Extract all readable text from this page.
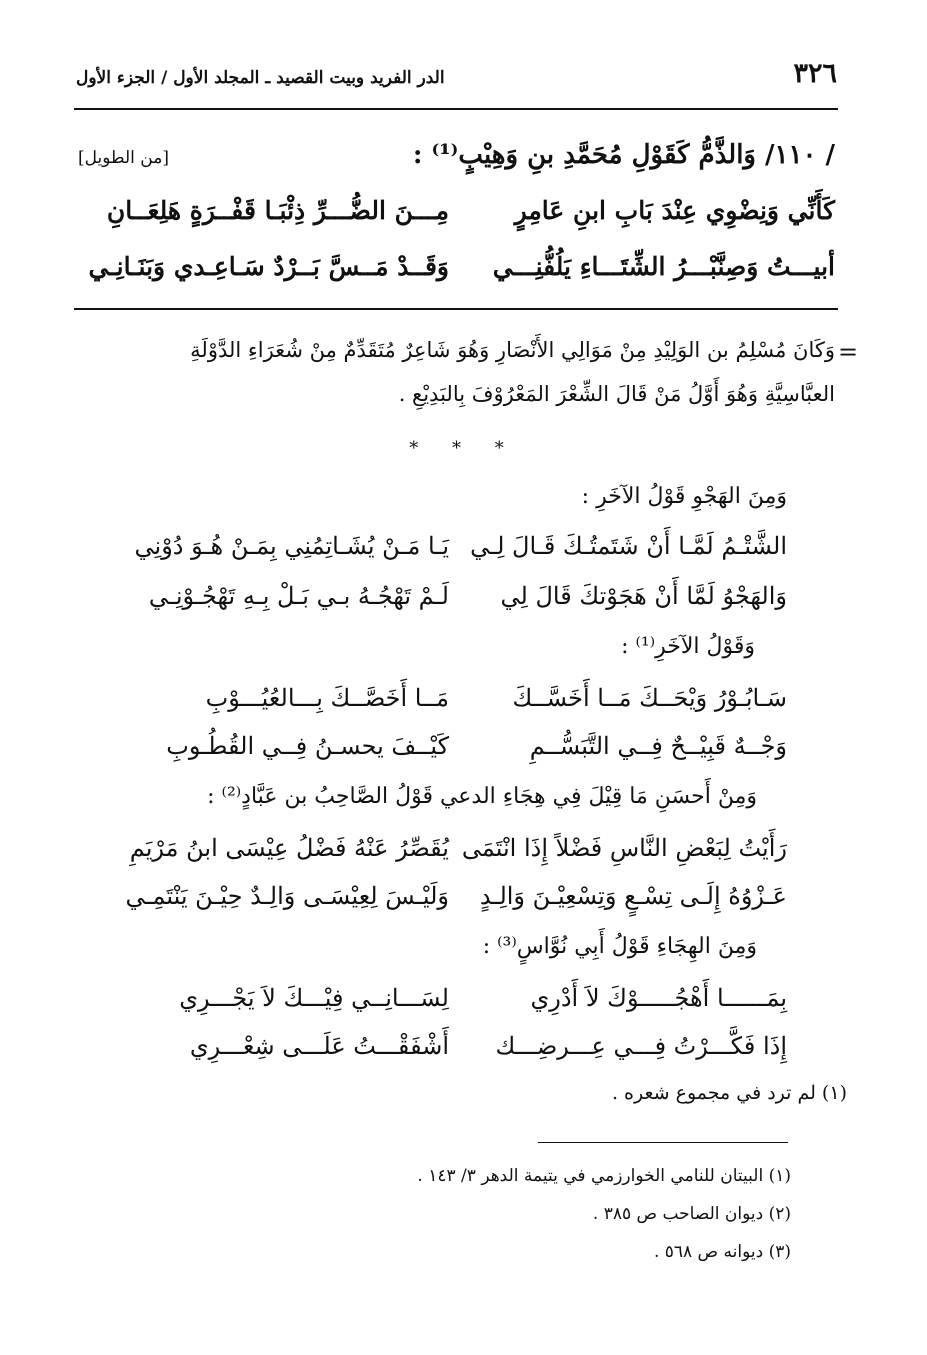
٣٢٦
الدر الفريد وبيت القصيد ـ المجلد الأول / الجزء الأول
/ ١١٠/ وَالذَّمُّ كَقَوْلِ مُحَمَّدِ بنِ وَهِيْبٍ⁽¹⁾ :
[من الطويل]
كَأَنِّي وَنِضْوِي عِنْدَ بَابِ ابنِ عَامِرٍ
مِـــنَ الضُّـــرِّ ذِئْبَـا قَفْــرَةٍ هَلِعَــانِ
أبيـــتُ وَصِنَّبْـــرُ الشِّتَـــاءِ يَلُفُّنِـــي
وَقَــدْ مَــسَّ بَــرْدٌ سَـاعِـدي وَبَنَـانِـي
=
وَكَانَ مُسْلِمُ بن الوَلِيْدِ مِنْ مَوَالِي الأَنْصَارِ وَهُوَ شَاعِرٌ مُتَقَدِّمٌ مِنْ شُعَرَاءِ الدَّوْلَةِ
العبَّاسِيَّةِ وَهُوَ أَوَّلُ مَنْ قَالَ الشِّعْرَ المَعْرُوْفَ بِالبَدِيْعِ .
* * *
وَمِنَ الهَجْوِ قَوْلُ الآخَرِ :
الشَّتْـمُ لَمَّـا أَنْ شَتَمتُـكَ قَـالَ لِـي
يَـا مَـنْ يُشَـاتِمُنِي بِمَـنْ هُـوَ دُوْنِي
وَالهَجْوُ لَمَّا أَنْ هَجَوْتكَ قَالَ لِي
لَـمْ تَهْجُـهُ بـي بَـلْ بِـهِ تَهْجُـوْنِـي
وَقَوْلُ الآخَرِ⁽¹⁾ :
سَـابُـوْرُ وَيْحَــكَ مَــا أَخَسَّــكَ
مَــا أَخَصَّــكَ بِـــالعُيُـــوْبِ
وَجْــهٌ قَبِيْــحٌ فِــي التَّبَسُّــمِ
كَيْــفَ يحسـنُ فِــي القُطُـوبِ
وَمِنْ أَحسَنِ مَا قِيْلَ فِي هِجَاءِ الدعي قَوْلُ الصَّاحِبُ بن عَبَّادٍ⁽²⁾ :
رَأَيْتُ لِبَعْضِ النَّاسِ فَضْلاً إِذَا انْتَمَى
يُقَصِّرُ عَنْهُ فَضْلُ عِيْسَى ابنُ مَرْيَمِ
عَـزْوُهُ إِلَـى تِسْـعٍ وَتِسْعِيْـنَ وَالِـدٍ
وَلَيْـسَ لِعِيْسَـى وَالِـدٌ حِيْـنَ يَنْتَمِـي
وَمِنَ الهِجَاءِ قَوْلُ أَبِي نُوَّاسٍ⁽³⁾ :
بِمَــــــا أَهْجُـــــوْكَ لاَ أَدْرِي
لِسَـــانِــي فِيْـــكَ لاَ يَجْـــرِي
إِذَا فَكَّـــرْتُ فِـــي عِـــرضِـــك
أَشْفَقْـــتُ عَلَـــى شِعْـــرِي
(١) لم ترد في مجموع شعره .
(١) البيتان للنامي الخوارزمي في يتيمة الدهر ٣/ ١٤٣ .
(٢) ديوان الصاحب ص ٣٨٥ .
(٣) ديوانه ص ٥٦٨ .
